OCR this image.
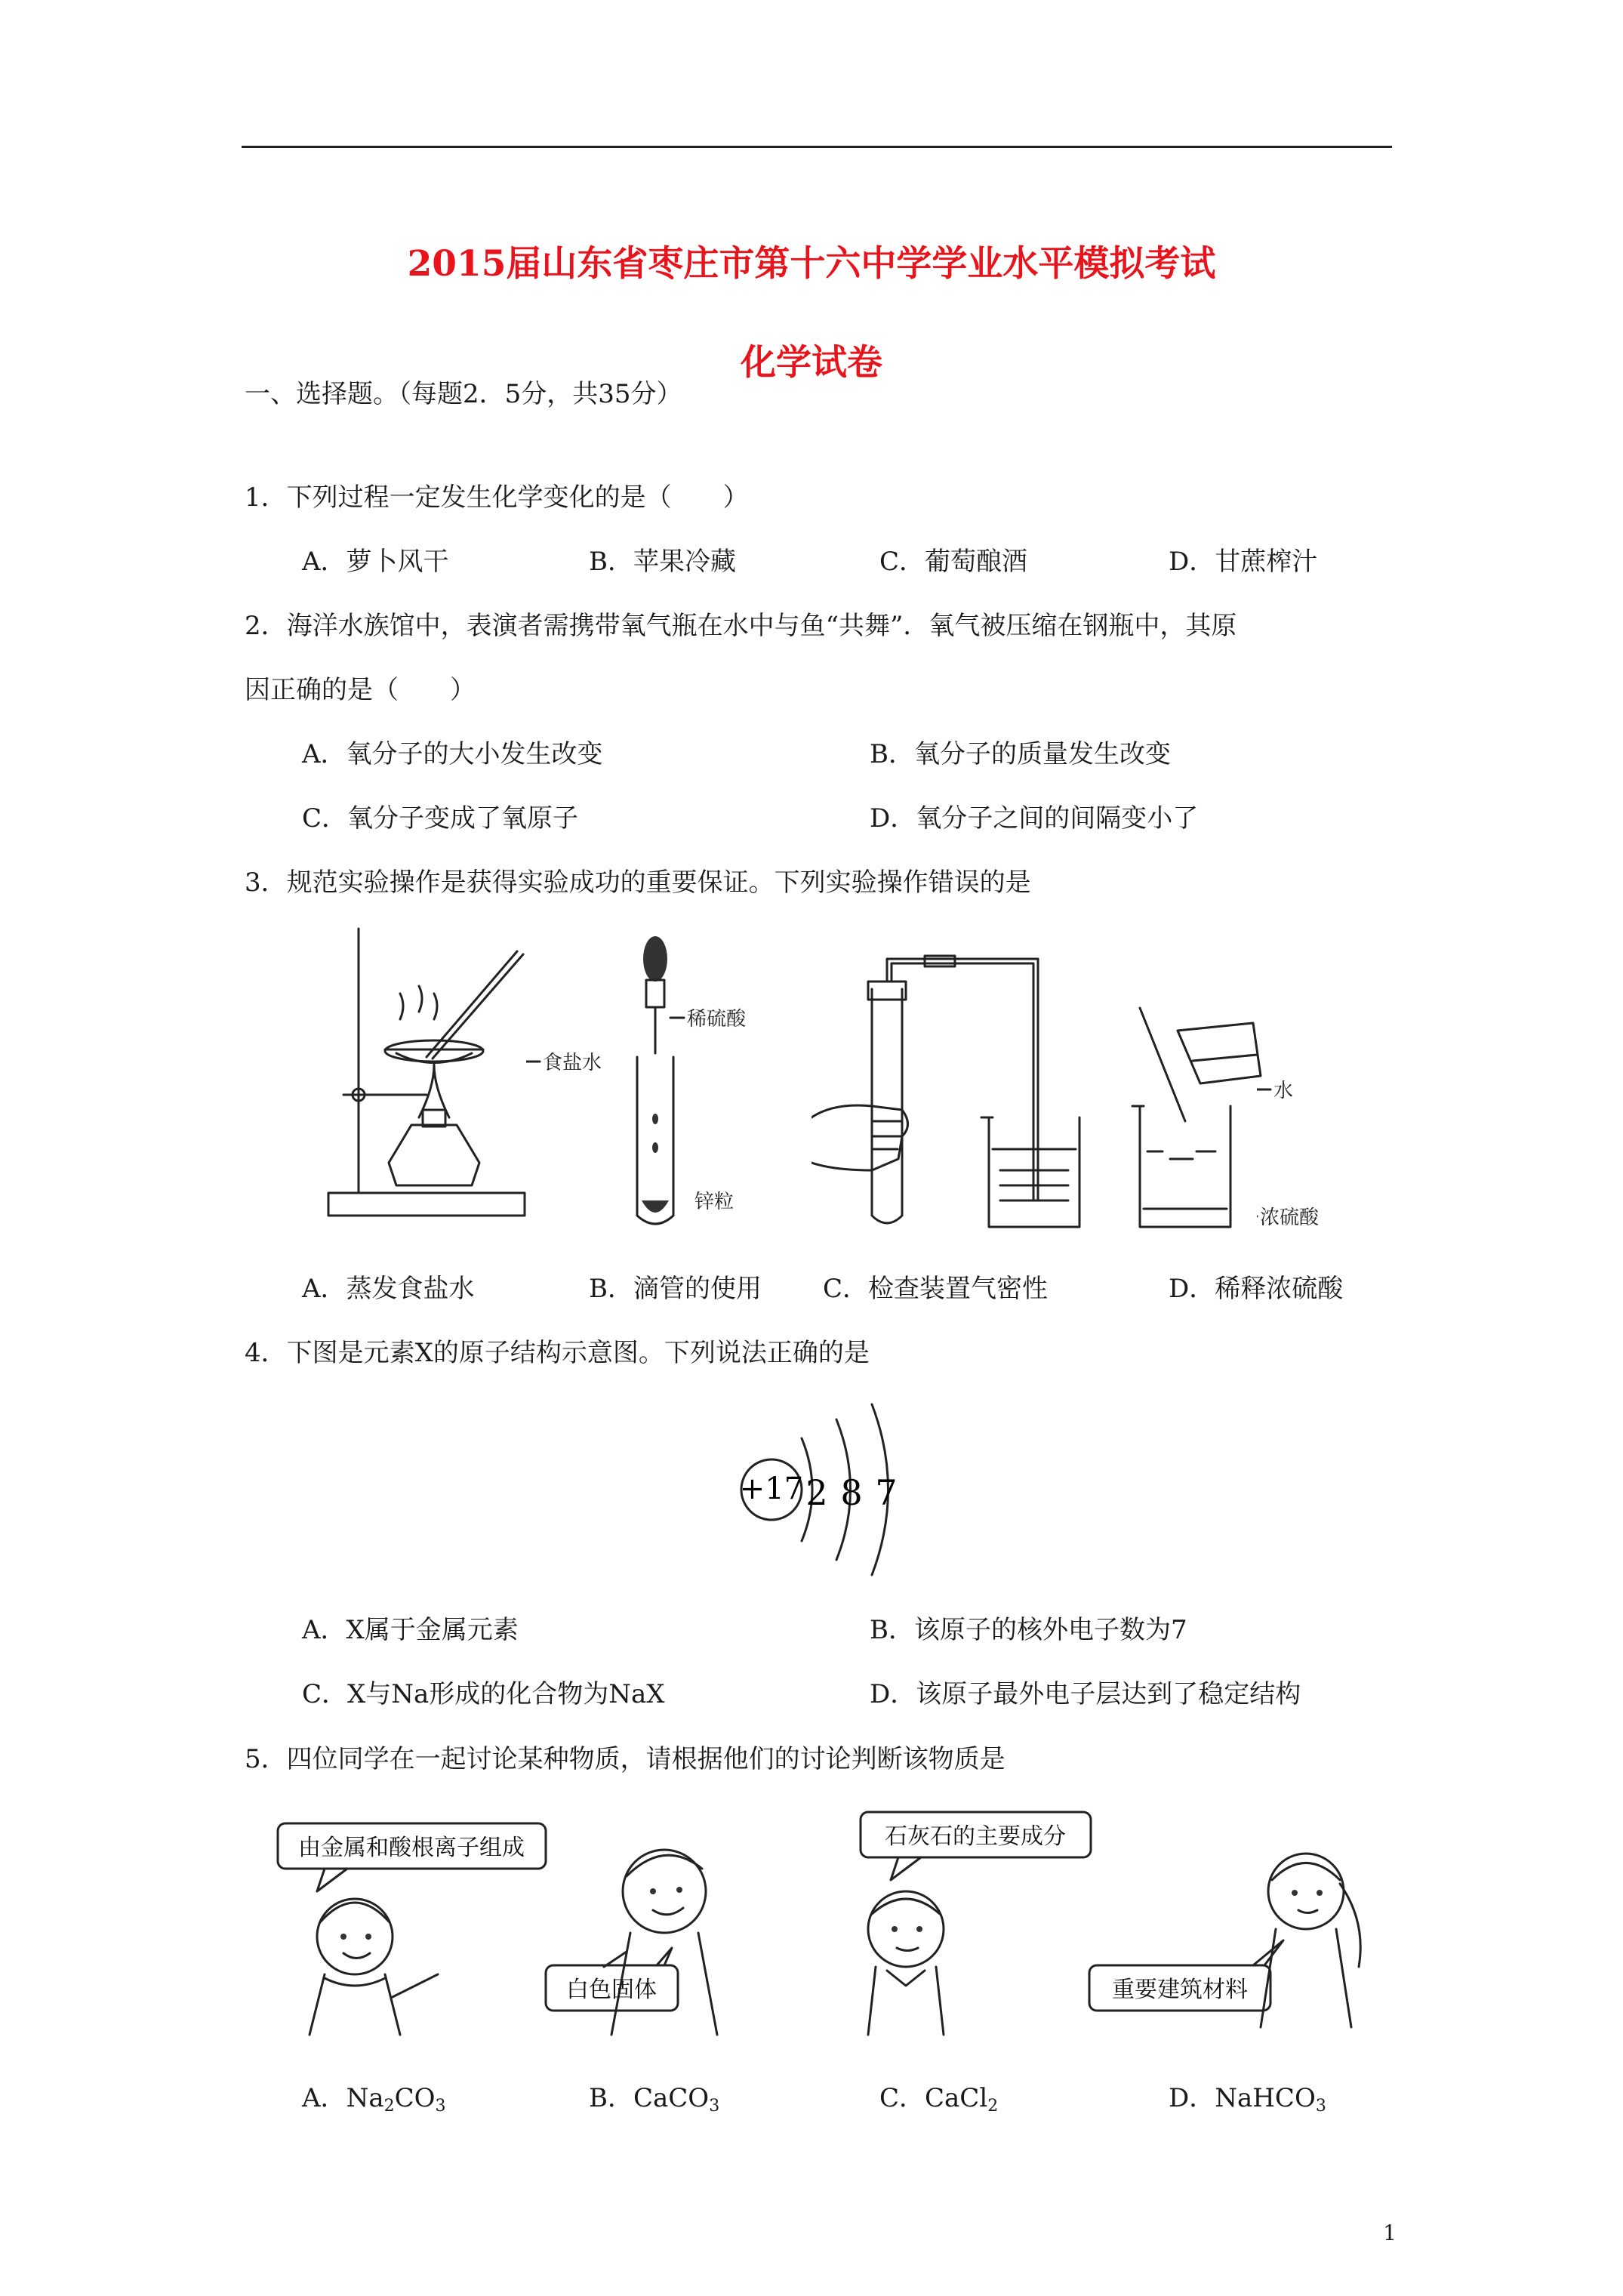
2015届山东省枣庄市第十六中学学业水平模拟考试
化学试卷
一、选择题。（每题2．5分，共35分）
1．下列过程一定发生化学变化的是（　　）
A．萝卜风干	B．苹果冷藏	C．葡萄酿酒	D．甘蔗榨汁
2．海洋水族馆中，表演者需携带氧气瓶在水中与鱼“共舞”．氧气被压缩在钢瓶中，其原
因正确的是（　　）
A．氧分子的大小发生改变	B．氧分子的质量发生改变
C．氧分子变成了氧原子	D．氧分子之间的间隔变小了
3．规范实验操作是获得实验成功的重要保证。下列实验操作错误的是
食盐水
稀硫酸
锌粒
水
浓硫酸
A．蒸发食盐水	B．滴管的使用 C．检查装置气密性	D．稀释浓硫酸
4．下图是元素X的原子结构示意图。下列说法正确的是
+17 2 8 7
A．X属于金属元素	B．该原子的核外电子数为7
C．X与Na形成的化合物为NaX	D．该原子最外电子层达到了稳定结构
5．四位同学在一起讨论某种物质，请根据他们的讨论判断该物质是
由金属和酸根离子组成
白色固体
石灰石的主要成分
重要建筑材料
A．$Na_2CO_3$	B．CaCO$_3$	C．CaCl$_2$	D．NaHCO$_3$
1
